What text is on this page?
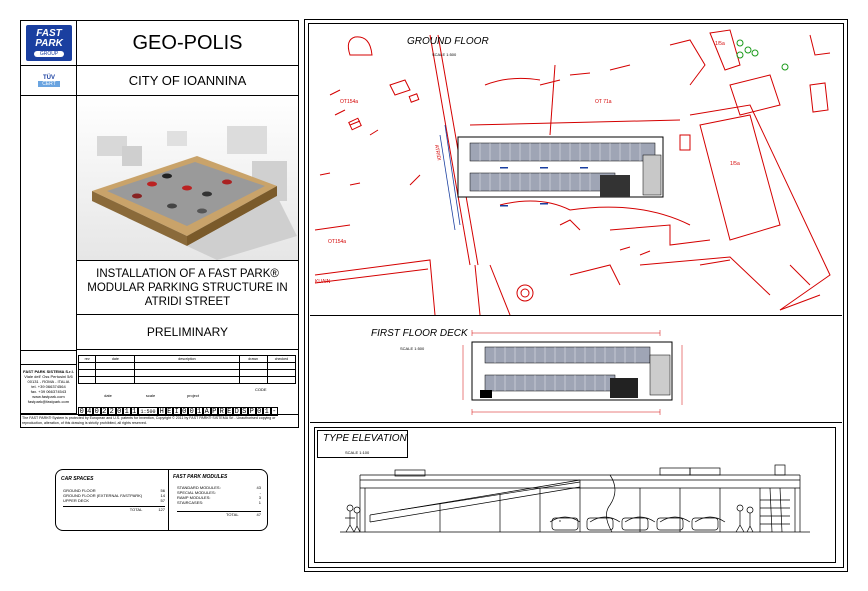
FAST
PARK
GROUP
GEO-POLIS
TÜV
CERT	CITY OF IOANNINA
INSTALLATION OF A FAST PARK®
MODULAR PARKING STRUCTURE IN
ATRIDI STREET
PRELIMINARY
FAST PARK SISTEMA S.r.l.
Viale dell' Oss Pertusini 5/6
00131 - ROMA - ITALIA
tel. +39 066374564
fax. +39 066374543
www.fastpark.com
fastpark@fastpark.com
rev	date	description	drawn	checked

CODE
date	scale	project
0 4 0 2 2 0 1 1 1:500 H E I 0 0 1 A P R E D S P 0 1 -

The FAST PARK® System is protected by European and U.S. patents for Invention, Copyright © 2011 by FAST PARK® SISTEMA Srl - Unauthorised copying or reproduction, alteration, of this drawing is strictly prohibited, all rights reserved.
CAR SPACES
GROUND FLOOR	56
GROUND FLOOR (EXTERNAL FASTPARK)	14
UPPER DECK	57
TOTAL	127
FAST PARK MODULES
STANDARD MODULES:	43
SPECIAL MODULES:	-
RAMP MODULES:	3
STAIRCASES:	1
TOTAL	47
OT154a	OT 71a
OT154a
ATRIDI
KUAIN
1/5a
1/5a
GROUND FLOOR
SCALE 1:500
FIRST FLOOR DECK
SCALE 1:500
TYPE ELEVATION
SCALE 1:100
